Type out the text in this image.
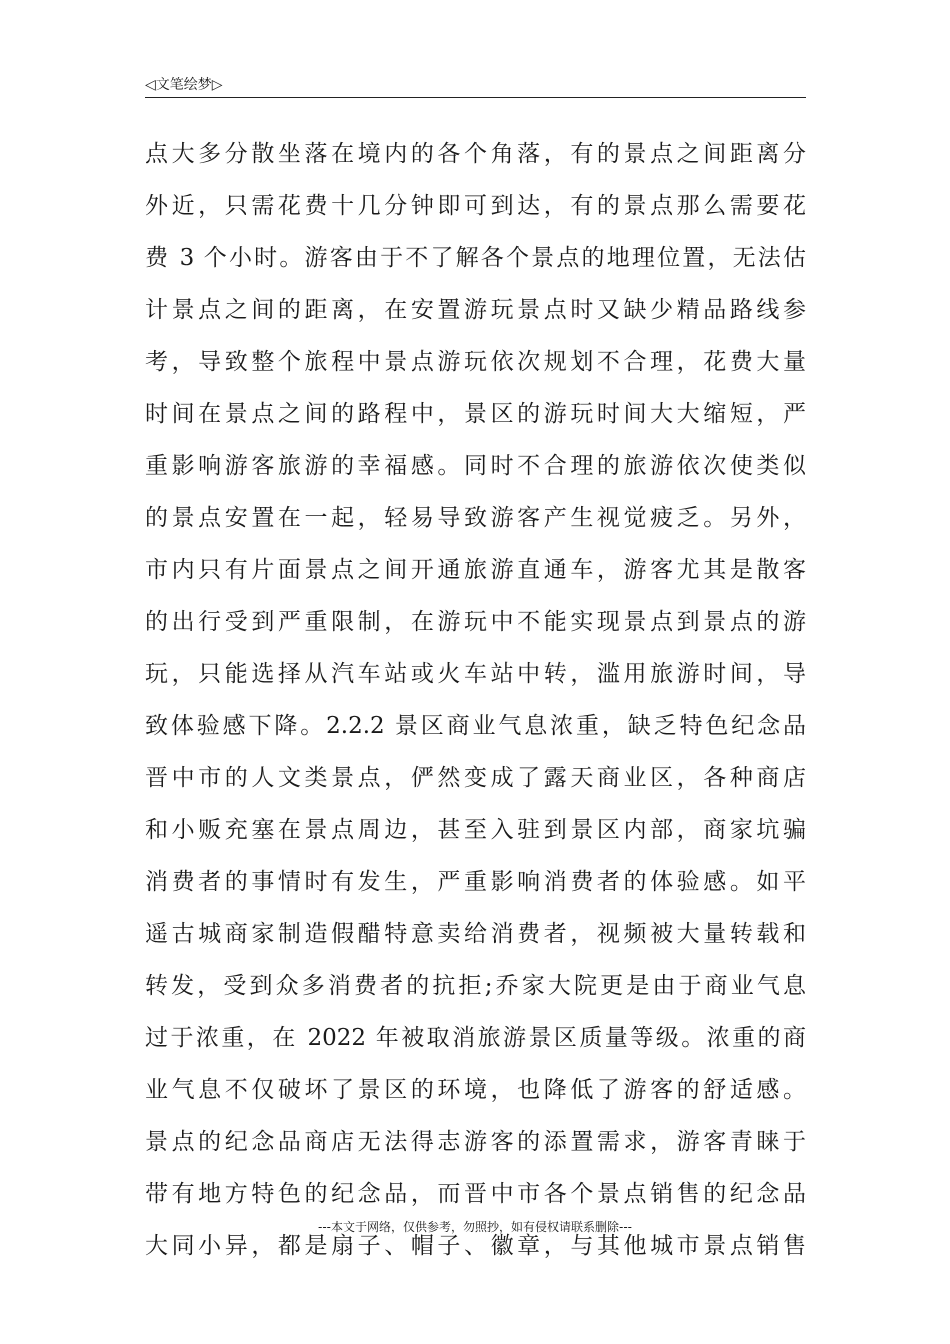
◁文笔绘梦▷
点大多分散坐落在境内的各个角落，有的景点之间距离分
外近，只需花费十几分钟即可到达，有的景点那么需要花
费 3 个小时。游客由于不了解各个景点的地理位置，无法估
计景点之间的距离，在安置游玩景点时又缺少精品路线参
考，导致整个旅程中景点游玩依次规划不合理，花费大量
时间在景点之间的路程中，景区的游玩时间大大缩短，严
重影响游客旅游的幸福感。同时不合理的旅游依次使类似
的景点安置在一起，轻易导致游客产生视觉疲乏。另外，
市内只有片面景点之间开通旅游直通车，游客尤其是散客
的出行受到严重限制，在游玩中不能实现景点到景点的游
玩，只能选择从汽车站或火车站中转，滥用旅游时间，导
致体验感下降。2.2.2 景区商业气息浓重，缺乏特色纪念品
晋中市的人文类景点，俨然变成了露天商业区，各种商店
和小贩充塞在景点周边，甚至入驻到景区内部，商家坑骗
消费者的事情时有发生，严重影响消费者的体验感。如平
遥古城商家制造假醋特意卖给消费者，视频被大量转载和
转发，受到众多消费者的抗拒;乔家大院更是由于商业气息
过于浓重，在 2022 年被取消旅游景区质量等级。浓重的商
业气息不仅破坏了景区的环境，也降低了游客的舒适感。
景点的纪念品商店无法得志游客的添置需求，游客青睐于
带有地方特色的纪念品，而晋中市各个景点销售的纪念品
大同小异，都是扇子、帽子、徽章，与其他城市景点销售
---本文于网络，仅供参考，勿照抄，如有侵权请联系删除---
